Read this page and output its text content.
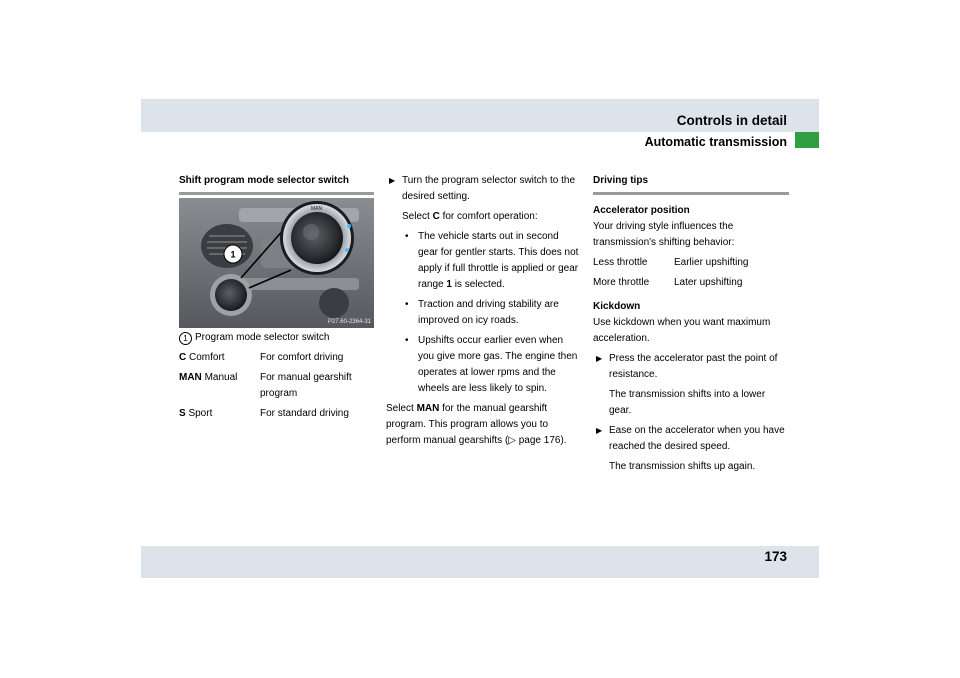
Controls in detail
Automatic transmission
Shift program mode selector switch
MAN
1
P27.60-2364-31
1 Program mode selector switch
C Comfort	For comfort driving
MAN Manual	For manual gearshift program
S Sport	For standard driving
▶ Turn the program selector switch to the desired setting.
Select C for comfort operation:
• The vehicle starts out in second gear for gentler starts. This does not apply if full throttle is applied or gear range 1 is selected.
• Traction and driving stability are improved on icy roads.
• Upshifts occur earlier even when you give more gas. The engine then operates at lower rpms and the wheels are less likely to spin.

Select MAN for the manual gearshift program. This program allows you to perform manual gearshifts (▷ page 176).

Driving tips
Accelerator position

Your driving style influences the transmission's shifting behavior:

Less throttle	Earlier upshifting
More throttle	Later upshifting
Kickdown

Use kickdown when you want maximum acceleration.

▶ Press the accelerator past the point of resistance.
The transmission shifts into a lower gear.
▶ Ease on the accelerator when you have reached the desired speed.
The transmission shifts up again.
173
